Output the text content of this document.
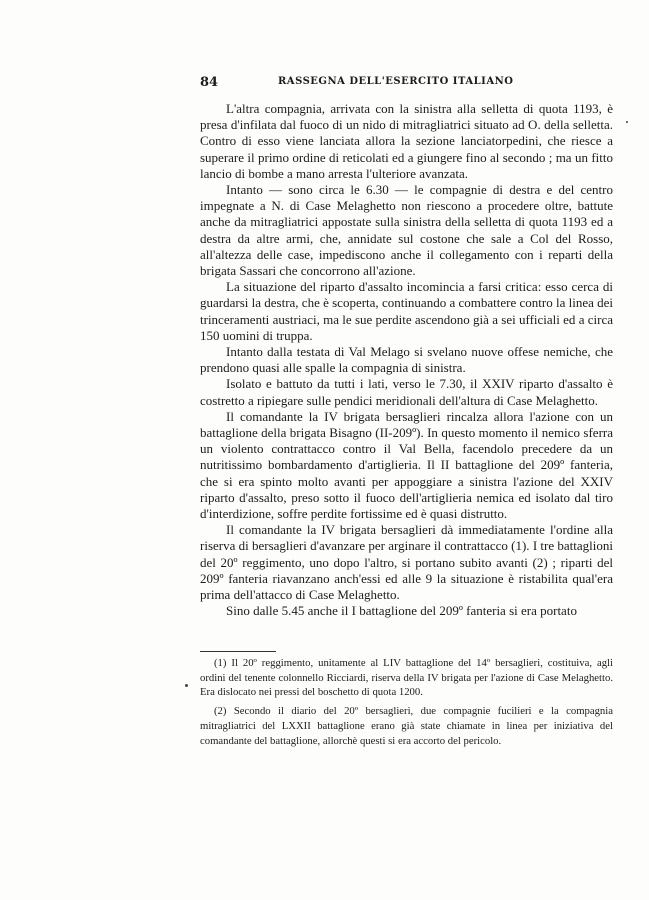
84	RASSEGNA DELL'ESERCITO ITALIANO

L'altra compagnia, arrivata con la sinistra alla selletta di quota 1193, è presa d'infilata dal fuoco di un nido di mitragliatrici situato ad O. della selletta. Contro di esso viene lanciata allora la sezione lanciatorpedini, che riesce a superare il primo ordine di reticolati ed a giungere fino al secondo ; ma un fitto lancio di bombe a mano arresta l'ulteriore avanzata.

Intanto — sono circa le 6.30 — le compagnie di destra e del centro impegnate a N. di Case Melaghetto non riescono a procedere oltre, battute anche da mitragliatrici appostate sulla sinistra della selletta di quota 1193 ed a destra da altre armi, che, annidate sul costone che sale a Col del Rosso, all'altezza delle case, impediscono anche il collegamento con i reparti della brigata Sassari che concorrono all'azione.

La situazione del riparto d'assalto incomincia a farsi critica: esso cerca di guardarsi la destra, che è scoperta, continuando a combattere contro la linea dei trinceramenti austriaci, ma le sue perdite ascendono già a sei ufficiali ed a circa 150 uomini di truppa.

Intanto dalla testata di Val Melago si svelano nuove offese nemiche, che prendono quasi alle spalle la compagnia di sinistra.

Isolato e battuto da tutti i lati, verso le 7.30, il XXIV riparto d'assalto è costretto a ripiegare sulle pendici meridionali dell'altura di Case Melaghetto.

Il comandante la IV brigata bersaglieri rincalza allora l'azione con un battaglione della brigata Bisagno (II-209º). In questo momento il nemico sferra un violento contrattacco contro il Val Bella, facendolo precedere da un nutritissimo bombardamento d'artiglieria. Il II battaglione del 209º fanteria, che si era spinto molto avanti per appoggiare a sinistra l'azione del XXIV riparto d'assalto, preso sotto il fuoco dell'artiglieria nemica ed isolato dal tiro d'interdizione, soffre perdite fortissime ed è quasi distrutto.

Il comandante la IV brigata bersaglieri dà immediatamente l'ordine alla riserva di bersaglieri d'avanzare per arginare il contrattacco (1). I tre battaglioni del 20º reggimento, uno dopo l'altro, si portano subito avanti (2) ; riparti del 209º fanteria riavanzano anch'essi ed alle 9 la situazione è ristabilita qual'era prima dell'attacco di Case Melaghetto.

Sino dalle 5.45 anche il I battaglione del 209º fanteria si era portato

(1) Il 20º reggimento, unitamente al LIV battaglione del 14º bersaglieri, costituiva, agli ordini del tenente colonnello Ricciardi, riserva della IV brigata per l'azione di Case Melaghetto. Era dislocato nei pressi del boschetto di quota 1200.

(2) Secondo il diario del 20º bersaglieri, due compagnie fucilieri e la compagnia mitragliatrici del LXXII battaglione erano già state chiamate in linea per iniziativa del comandante del battaglione, allorchè questi si era accorto del pericolo.
